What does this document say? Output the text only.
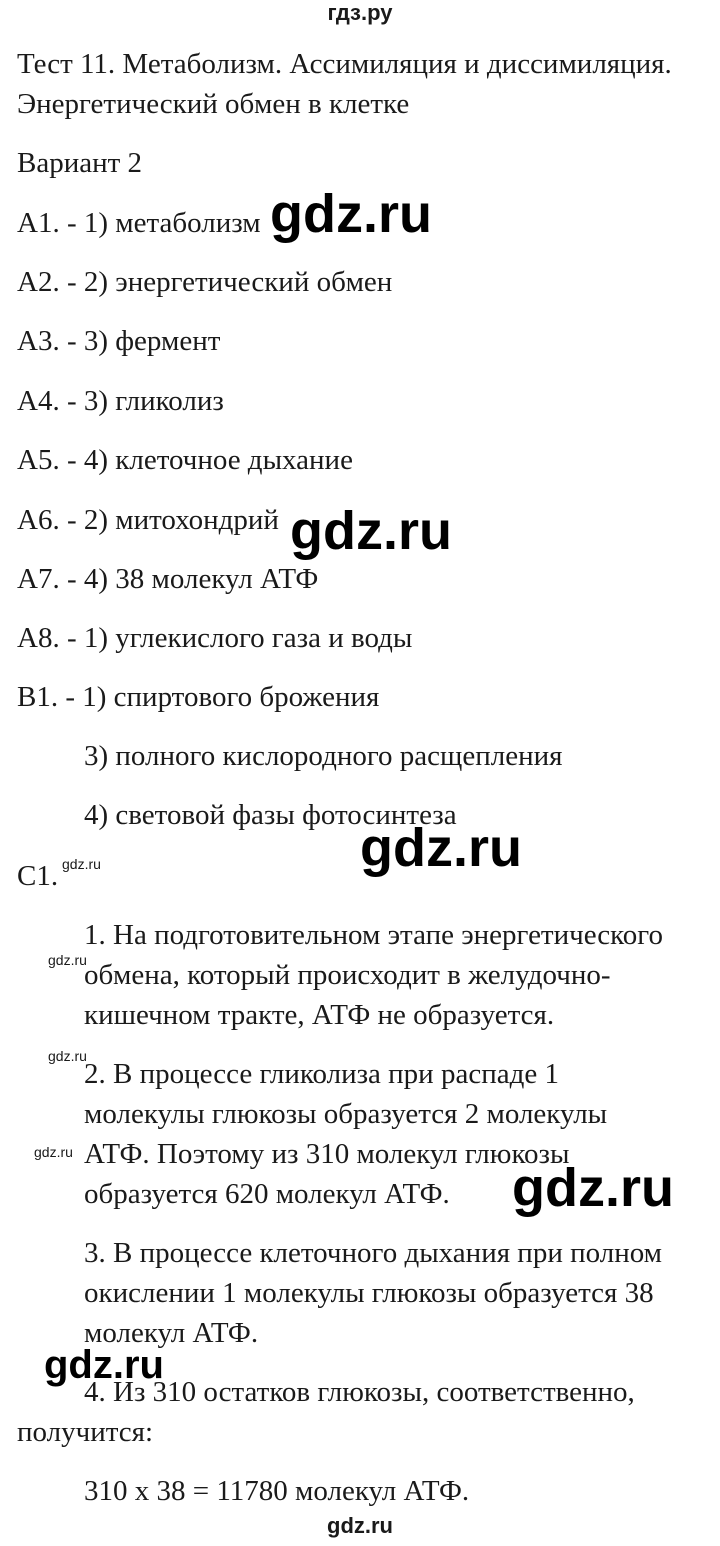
гдз.ру
Тест 11. Метаболизм. Ассимиляция и диссимиляция.
Энергетический обмен в клетке
Вариант 2
А1. - 1) метаболизм
А2. - 2) энергетический обмен
А3. - 3) фермент
А4. - 3) гликолиз
А5. - 4) клеточное дыхание
А6. - 2) митохондрий
А7. - 4) 38 молекул АТФ
А8. - 1) углекислого газа и воды
В1. - 1) спиртового брожения
3) полного кислородного расщепления
4) световой фазы фотосинтеза
С1.
1. На подготовительном этапе энергетического
обмена, который происходит в желудочно-
кишечном тракте, АТФ не образуется.
2. В процессе гликолиза при распаде 1
молекулы глюкозы образуется 2 молекулы
АТФ. Поэтому из 310 молекул глюкозы
образуется 620 молекул АТФ.
3. В процессе клеточного дыхания при полном
окислении 1 молекулы глюкозы образуется 38
молекул АТФ.
4. Из 310 остатков глюкозы, соответственно,
получится:
310 x 38 = 11780 молекул АТФ.
gdz.ru
gdz.ru
gdz.ru
gdz.ru
gdz.ru
gdz.ru
gdz.ru
gdz.ru
gdz.ru
gdz.ru
